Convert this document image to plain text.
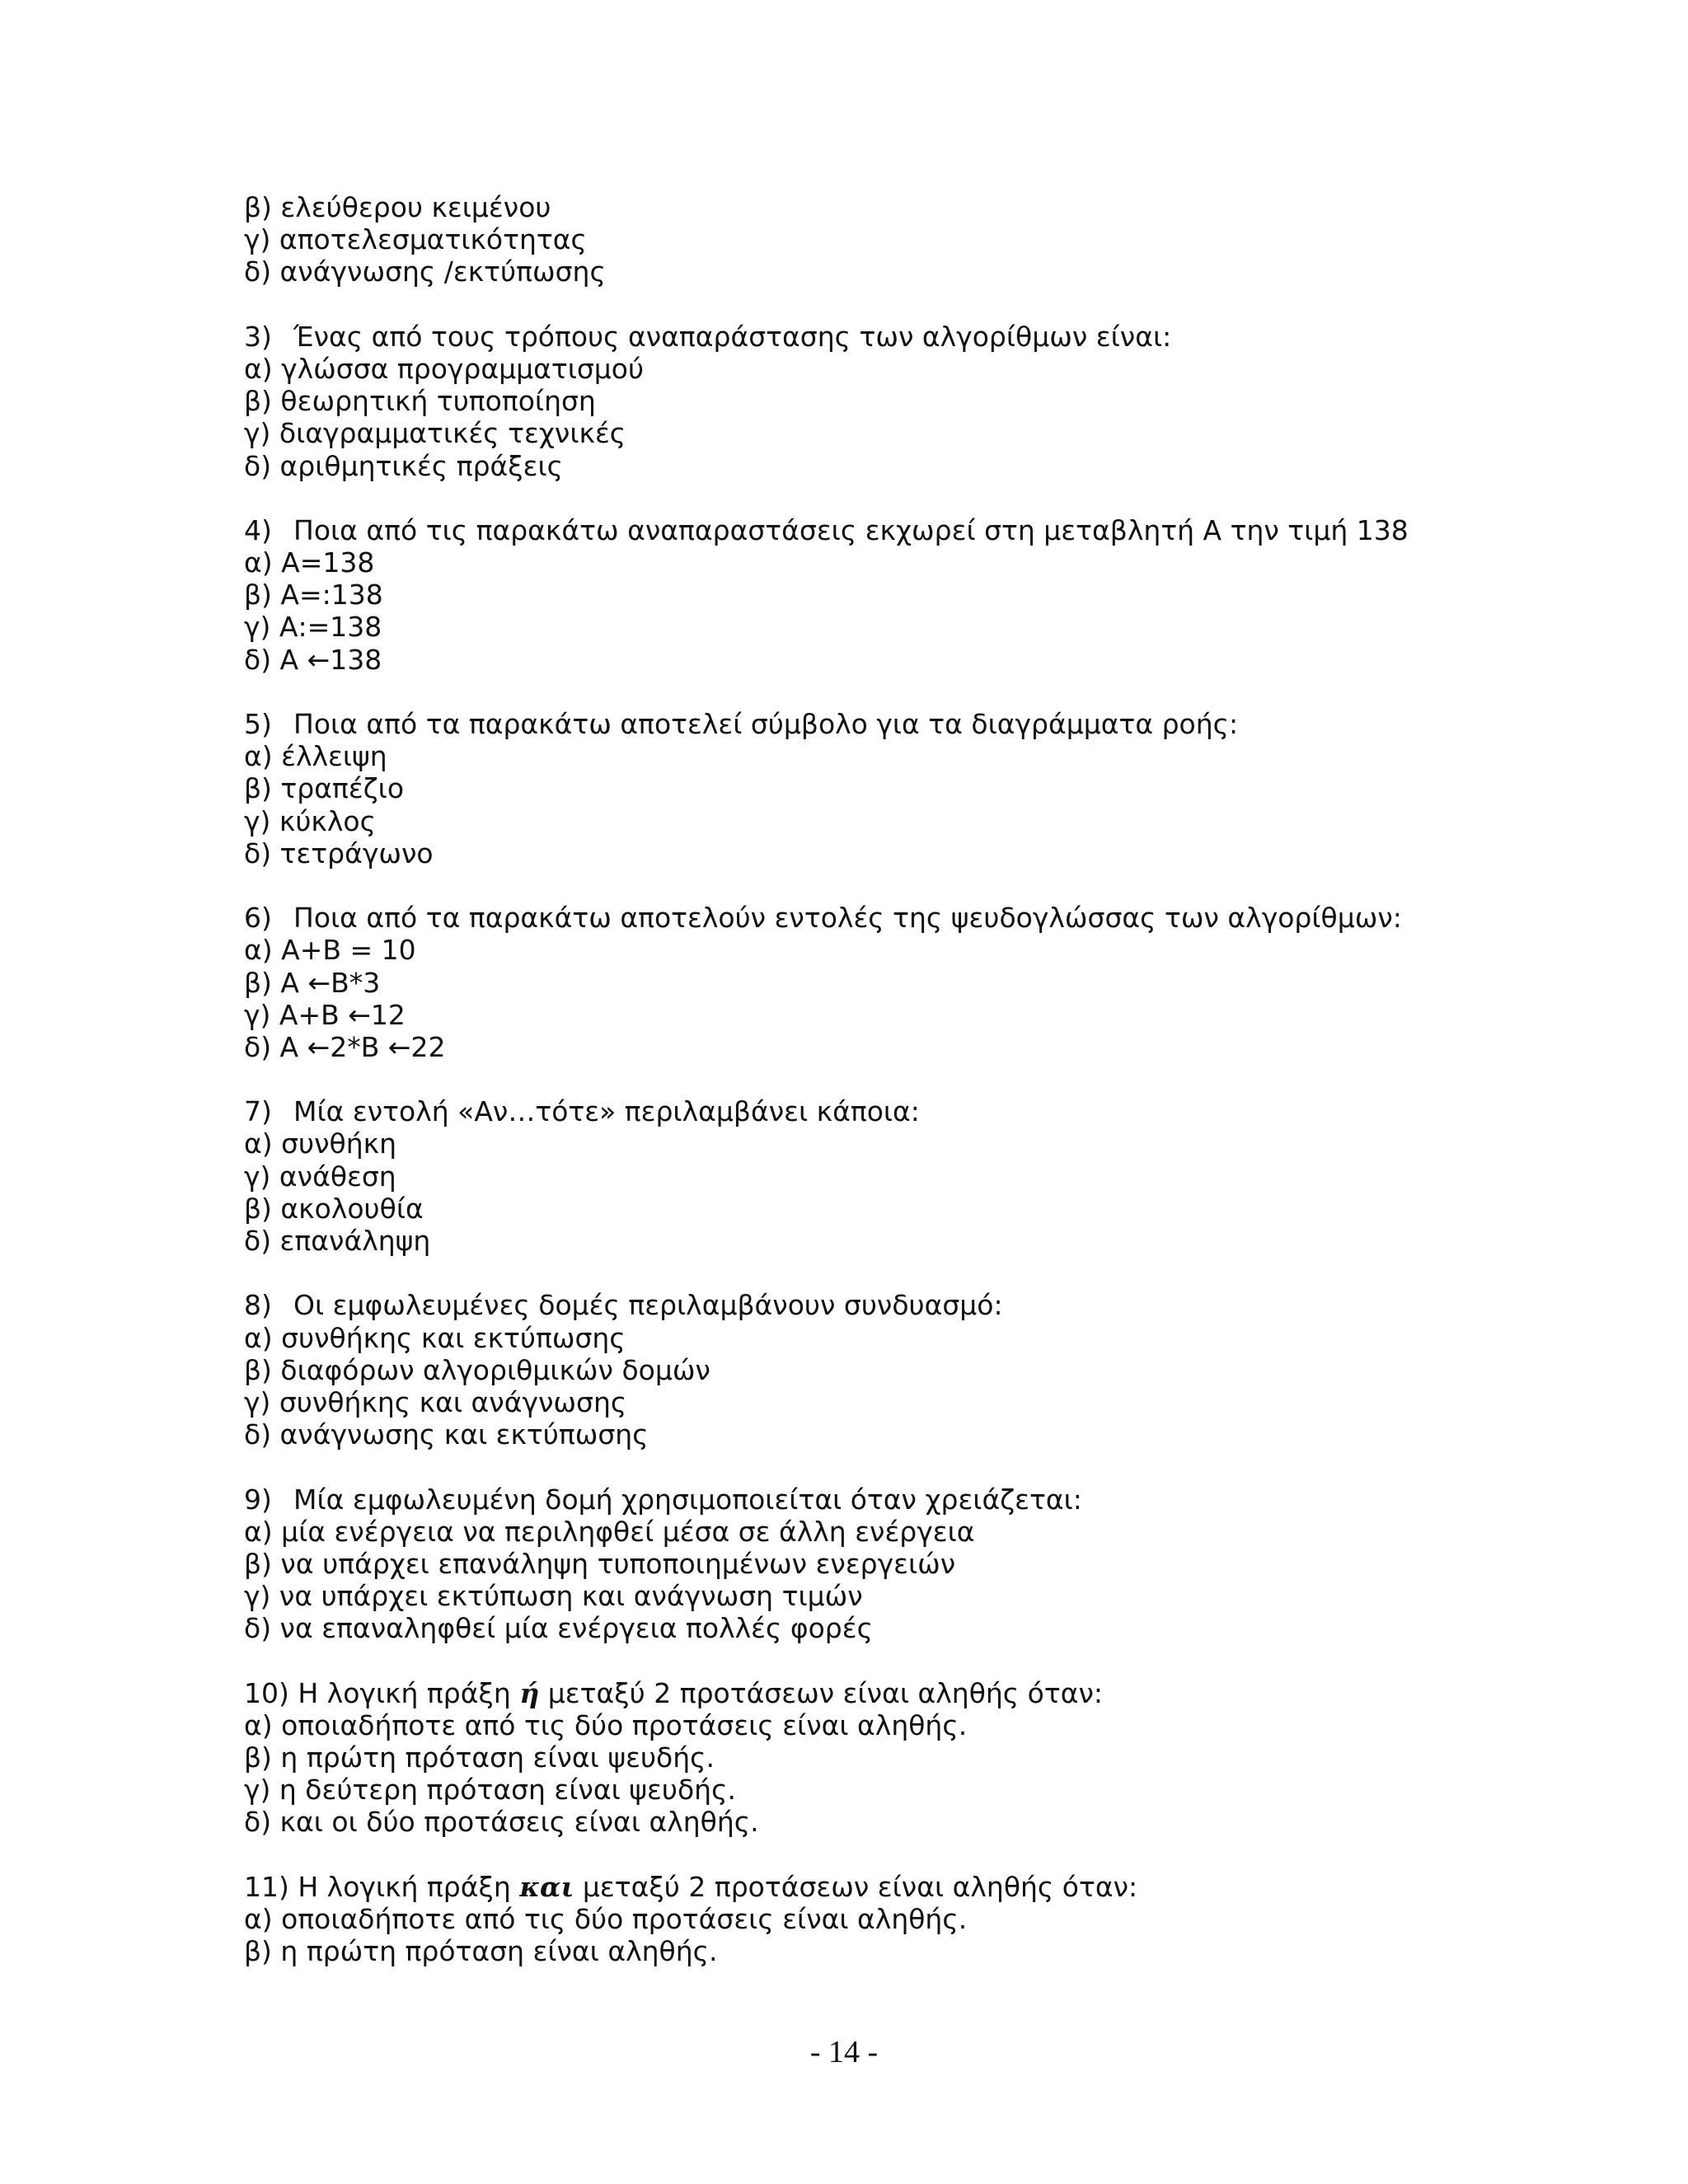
β) ελεύθερου κειμένου
γ) αποτελεσματικότητας
δ) ανάγνωσης /εκτύπωσης
3) Ένας από τους τρόπους αναπαράστασης των αλγορίθμων είναι:
α) γλώσσα προγραμματισμού
β) θεωρητική τυποποίηση
γ) διαγραμματικές τεχνικές
δ) αριθμητικές πράξεις
4) Ποια από τις παρακάτω αναπαραστάσεις εκχωρεί στη μεταβλητή Α την τιμή 138
α) Α=138
β) Α=:138
γ) Α:=138
δ) Α ←138
5) Ποια από τα παρακάτω αποτελεί σύμβολο για τα διαγράμματα ροής:
α) έλλειψη
β) τραπέζιο
γ) κύκλος
δ) τετράγωνο
6) Ποια από τα παρακάτω αποτελούν εντολές της ψευδογλώσσας των αλγορίθμων:
α) Α+Β = 10
β) Α ←Β*3
γ) Α+Β ←12
δ) Α ←2*Β ←22
7) Μία εντολή «Αν…τότε» περιλαμβάνει κάποια:
α) συνθήκη
γ) ανάθεση
β) ακολουθία
δ) επανάληψη
8) Οι εμφωλευμένες δομές περιλαμβάνουν συνδυασμό:
α) συνθήκης και εκτύπωσης
β) διαφόρων αλγοριθμικών δομών
γ) συνθήκης και ανάγνωσης
δ) ανάγνωσης και εκτύπωσης
9) Μία εμφωλευμένη δομή χρησιμοποιείται όταν χρειάζεται:
α) μία ενέργεια να περιληφθεί μέσα σε άλλη ενέργεια
β) να υπάρχει επανάληψη τυποποιημένων ενεργειών
γ) να υπάρχει εκτύπωση και ανάγνωση τιμών
δ) να επαναληφθεί μία ενέργεια πολλές φορές
10) Η λογική πράξη ή μεταξύ 2 προτάσεων είναι αληθής όταν:
α) οποιαδήποτε από τις δύο προτάσεις είναι αληθής.
β) η πρώτη πρόταση είναι ψευδής.
γ) η δεύτερη πρόταση είναι ψευδής.
δ) και οι δύο προτάσεις είναι αληθής.
11) Η λογική πράξη και μεταξύ 2 προτάσεων είναι αληθής όταν:
α) οποιαδήποτε από τις δύο προτάσεις είναι αληθής.
β) η πρώτη πρόταση είναι αληθής.
- 14 -
